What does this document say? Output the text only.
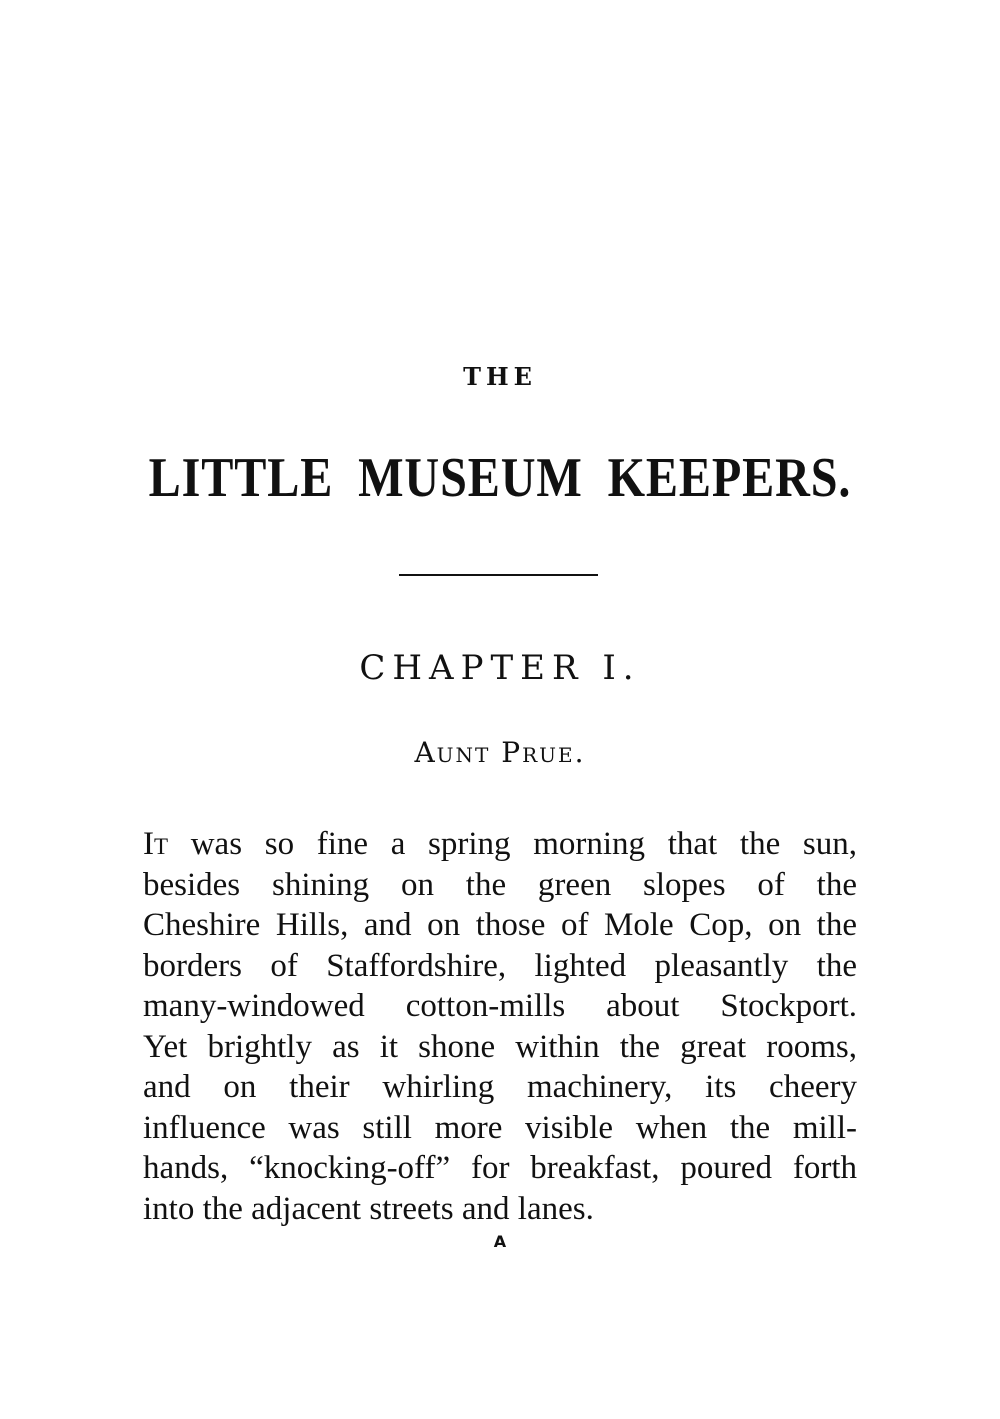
THE
LITTLE MUSEUM KEEPERS.
CHAPTER I.
Aunt Prue.
It was so fine a spring morning that the sun,
besides shining on the green slopes of the
Cheshire Hills, and on those of Mole Cop, on the
borders of Staffordshire, lighted pleasantly the
many-windowed cotton-mills about Stockport.
Yet brightly as it shone within the great rooms,
and on their whirling machinery, its cheery
influence was still more visible when the mill-
hands, “knocking-off” for breakfast, poured forth
into the adjacent streets and lanes.
A
